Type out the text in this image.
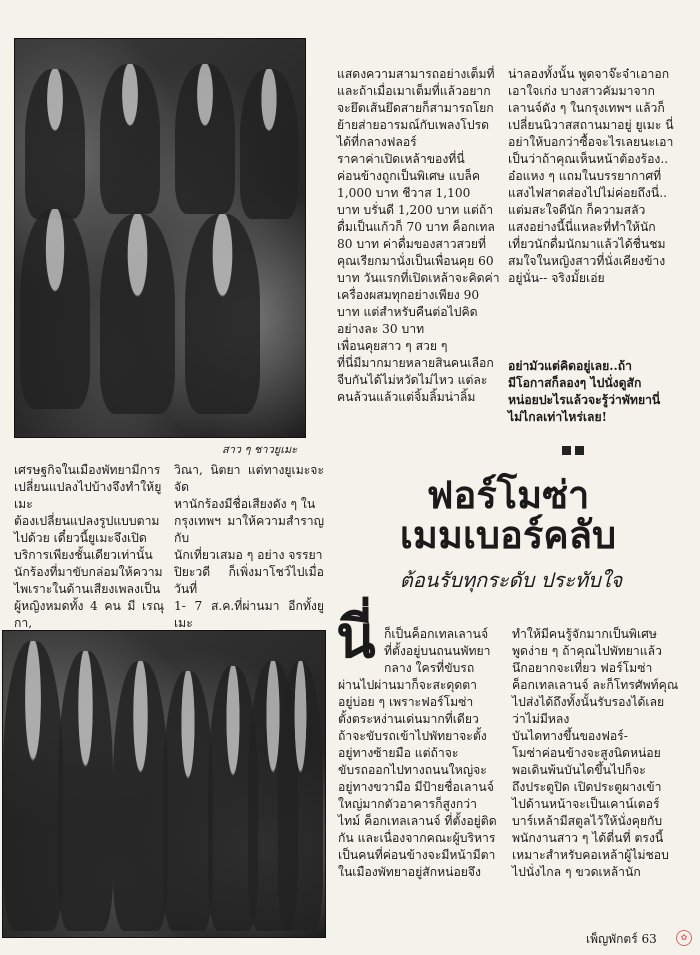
สาว ๆ ชาวยูเมะ
แสดงความสามารถอย่างเต็มที่
และถ้าเมื่อเมาเต็มที่แล้วอยาก
จะยึดเส้นยึดสายก็สามารถโยก
ย้ายส่ายอารมณ์กับเพลงโปรด
ได้ที่กลางฟลอร์
ราคาค่าเปิดเหล้าของที่นี่
ค่อนข้างถูกเป็นพิเศษ แบล็ค
1,000 บาท ชีวาส 1,100
บาท บรั่นดี 1,200 บาท แต่ถ้า
ดื่มเป็นแก้วก็ 70 บาท ค็อกเทล
80 บาท ค่าดื่มของสาวสวยที่
คุณเรียกมานั่งเป็นเพื่อนคุย 60
บาท วันแรกที่เปิดเหล้าจะคิดค่า
เครื่องผสมทุกอย่างเพียง 90
บาท แต่สำหรับคืนต่อไปคิด
อย่างละ 30 บาท
เพื่อนคุยสาว ๆ สวย ๆ
ที่นี่มีมากมายหลายสินคนเลือก
จีบกันได้ไม่หวัดไม่ไหว แต่ละ
คนล้วนแล้วแต่จิ้มลิ้มน่าลิ้ม
น่าลองทั้งนั้น พูดจาจ๊ะจ๋าเอาอก
เอาใจเก่ง บางสาวคัมมาจาก
เลานจ์ดัง ๆ ในกรุงเทพฯ แล้วก็
เปลี่ยนนิวาสสถานมาอยู่ ยูเมะ นี่
อย่าให้บอกว่าซื้อจะไรเลยนะเอา
เป็นว่าถ้าคุณเห็นหน้าต้องร้อง..
อ๋อแหง ๆ แถมในบรรยากาศที่
แสงไฟสาดส่องไปไม่ค่อยถึงนี่..
แต่มสะใจดีนัก ก็ความสลัว
แสงอย่างนี้นี่แหละที่ทำให้นัก
เที่ยวนักดื่มนักมาแล้วได้ชื่นชม
สมใจในหญิงสาวที่นั่งเคียงข้าง
อยู่นั่น-- จริงมั้ยเอ่ย
อย่ามัวแต่คิดอยู่เลย..ถ้า
มีโอกาสก็ลองๆ ไปนั่งดูสัก
หน่อยปะไรแล้วจะรู้ว่าพัทยานี่
ไม่ไกลเท่าไหร่เลย!
เศรษฐกิจในเมืองพัทยามีการ
เปลี่ยนแปลงไปบ้างจึงทำให้ยูเมะ
ต้องเปลี่ยนแปลงรูปแบบตาม
ไปด้วย เดี๋ยวนี้ยูเมะจึงเปิด
บริการเพียงชั้นเดียวเท่านั้น
นักร้องที่มาขับกล่อมให้ความ
ไพเราะในด้านเสียงเพลงเป็น
ผู้หญิงหมดทั้ง 4 คน มี เรณุกา,
วิณา, นิตยา แต่ทางยูเมะจะจัด
หานักร้องมีชื่อเสียงดัง ๆ ใน
กรุงเทพฯ มาให้ความสำราญกับ
นักเที่ยวเสมอ ๆ อย่าง จรรยา
ปิยะวดี ก็เพิ่งมาโชว์ไปเมื่อวันที่
1- 7 ส.ค.ที่ผ่านมา อีกทั้งยูเมะ

ฟอร์โมซ่า
เมมเบอร์คลับ
ต้อนรับทุกระดับ ประทับใจ
นี่ ก็เป็นค็อกเทลเลานจ์
ที่ตั้งอยู่บนถนนพัทยา
กลาง ใครที่ขับรถ
ผ่านไปผ่านมาก็จะสะดุดตา
อยู่บ่อย ๆ เพราะฟอร์โมซ่า
ตั้งตระหง่านเด่นมากที่เดียว
ถ้าจะขับรถเข้าไปพัทยาจะตั้ง
อยู่ทางซ้ายมือ แต่ถ้าจะ
ขับรถออกไปทางถนนใหญ่จะ
อยู่ทางขวามือ มีป้ายชื่อเลานจ์
ใหญ่มากตัวอาคารก็สูงกว่า
ไทม์ ค็อกเทลเลานจ์ ที่ตั้งอยู่ติด
กัน และเนื่องจากคณะผู้บริหาร
เป็นคนที่ค่อนข้างจะมีหน้ามีตา
ในเมืองพัทยาอยู่สักหน่อยจึง
ทำให้มีคนรู้จักมากเป็นพิเศษ
พูดง่าย ๆ ถ้าคุณไปพัทยาแล้ว
นึกอยากจะเที่ยว ฟอร์โมซ่า
ค็อกเทลเลานจ์ ละก็โทรศัพท์คุณ
ไปส่งได้ถึงทั้งนั้นรับรองได้เลย
ว่าไม่มีหลง
บันไดทางขึ้นของฟอร์-
โมซ่าค่อนข้างจะสูงนิดหน่อย
พอเดินพ้นบันไดขึ้นไปก็จะ
ถึงประตูปิด เปิดประตูผางเข้า
ไปด้านหน้าจะเป็นเคาน์เตอร์
บาร์เหล้ามีสตูลไว้ให้นั่งคุยกับ
พนักงานสาว ๆ ได้ตี่นที่ ตรงนี้
เหมาะสำหรับคอเหล้าผู้ไม่ชอบ
ไปนั่งไกล ๆ ขวดเหล้านัก
เพ็ญพักตร์ 63	✿
